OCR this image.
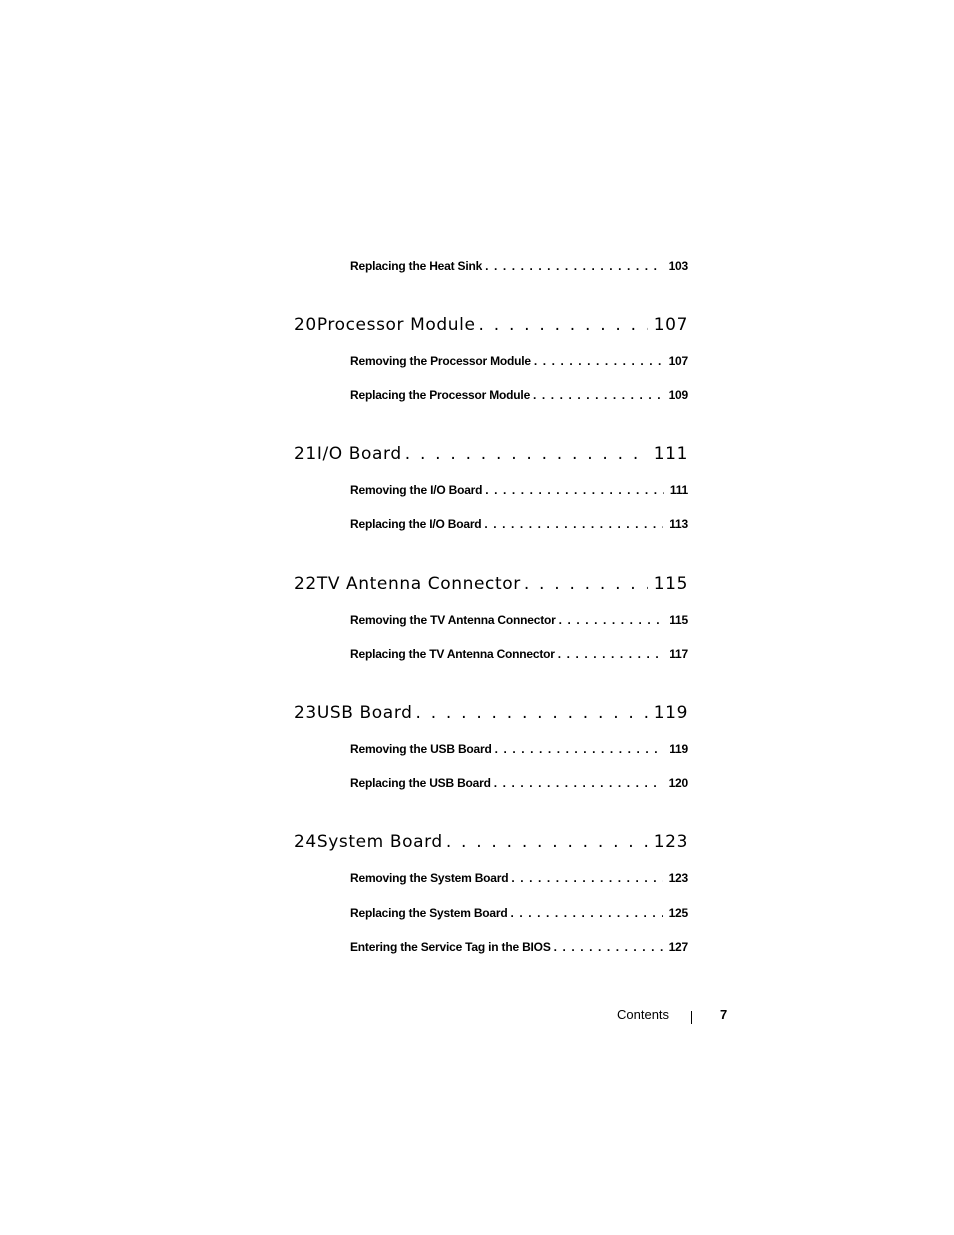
Replacing the Heat Sink . . .	103
20 Processor Module . . .	107
Removing the Processor Module . . .	107
Replacing the Processor Module . . .	109
21 I/O Board . . .	111
Removing the I/O Board . . .	111
Replacing the I/O Board . . .	113
22 TV Antenna Connector . . .	115
Removing the TV Antenna Connector . . .	115
Replacing the TV Antenna Connector . . .	117
23 USB Board . . .	119
Removing the USB Board . . .	119
Replacing the USB Board . . .	120
24 System Board . . .	123
Removing the System Board . . .	123
Replacing the System Board . . .	125
Entering the Service Tag in the BIOS . . .	127
Contents	7
